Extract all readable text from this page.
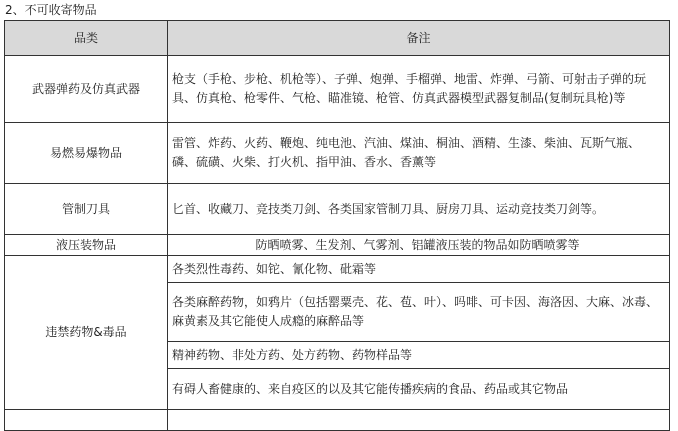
2、不可收寄物品
品类	备注
武器弹药及仿真武器	枪支（手枪、步枪、机枪等）、子弹、炮弹、手榴弹、地雷、炸弹、弓箭、可射击子弹的玩具、仿真枪、枪零件、气枪、瞄准镜、枪管、仿真武器模型武器复制品(复制玩具枪)等
易燃易爆物品	雷管、炸药、火药、鞭炮、纯电池、汽油、煤油、桐油、酒精、生漆、柴油、瓦斯气瓶、磷、硫磺、火柴、打火机、指甲油、香水、香薰等
管制刀具	匕首、收藏刀、竞技类刀剑、各类国家管制刀具、厨房刀具、运动竞技类刀剑等。
液压装物品	防晒喷雾、生发剂、气雾剂、铝罐液压装的物品如防晒喷雾等
违禁药物&毒品	各类烈性毒药、如铊、氰化物、砒霜等
	各类麻醉药物，如鸦片（包括罂粟壳、花、苞、叶）、吗啡、可卡因、海洛因、大麻、冰毒、麻黄素及其它能使人成瘾的麻醉品等
	精神药物、非处方药、处方药物、药物样品等
	有碍人畜健康的、来自疫区的以及其它能传播疾病的食品、药品或其它物品
